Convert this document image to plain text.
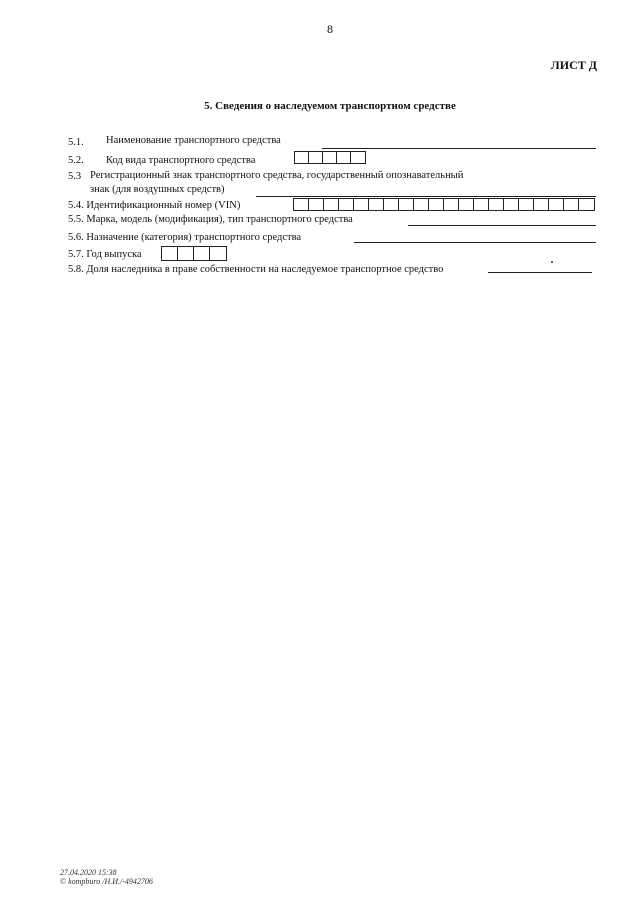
8
ЛИСТ Д
5. Сведения о наследуемом транспортном средстве
5.1. Наименование транспортного средства
5.2. Код вида транспортного средства
5.3 Регистрационный знак транспортного средства, государственный опознавательный
знак (для воздушных средств)
5.4. Идентификационный номер (VIN)
5.5. Марка, модель (модификация), тип транспортного средства
5.6. Назначение (категория) транспортного средства
5.7. Год выпуска
5.8. Доля наследника в праве собственности на наследуемое транспортное средство
27.04.2020 15:38
© kompburo /Н.И./-4942706
